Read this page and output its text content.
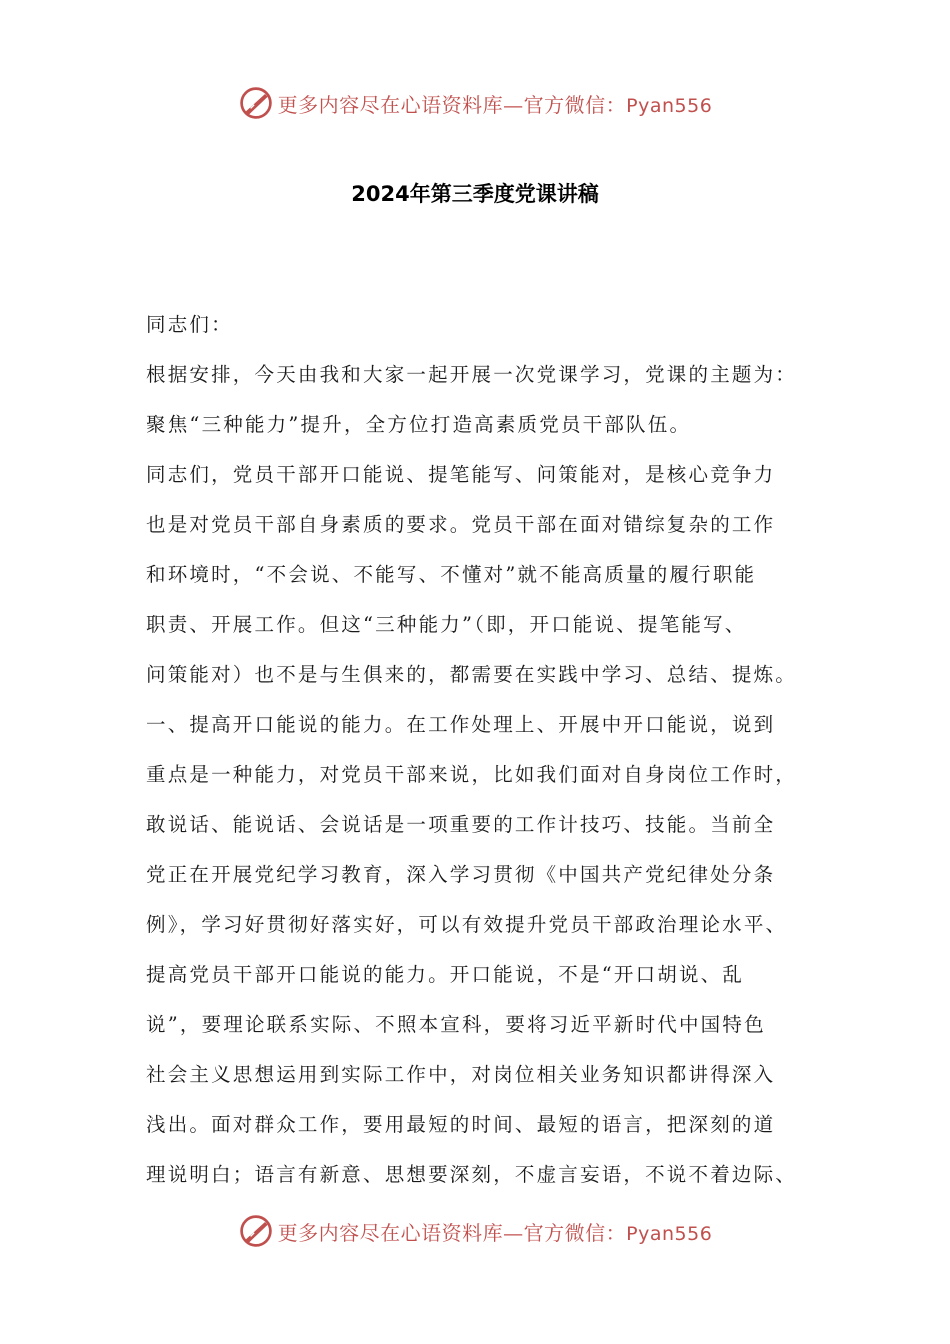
更多内容尽在心语资料库—官方微信：Pyan556
2024年第三季度党课讲稿
同志们：
根据安排，今天由我和大家一起开展一次党课学习，党课的主题为：
聚焦“三种能力”提升，全方位打造高素质党员干部队伍。
同志们，党员干部开口能说、提笔能写、问策能对，是核心竞争力
也是对党员干部自身素质的要求。党员干部在面对错综复杂的工作
和环境时，“不会说、不能写、不懂对”就不能高质量的履行职能
职责、开展工作。但这“三种能力”（即，开口能说、提笔能写、
问策能对）也不是与生俱来的，都需要在实践中学习、总结、提炼。
一、提高开口能说的能力。在工作处理上、开展中开口能说，说到
重点是一种能力，对党员干部来说，比如我们面对自身岗位工作时，
敢说话、能说话、会说话是一项重要的工作计技巧、技能。当前全
党正在开展党纪学习教育，深入学习贯彻《中国共产党纪律处分条
例》，学习好贯彻好落实好，可以有效提升党员干部政治理论水平、
提高党员干部开口能说的能力。开口能说，不是“开口胡说、乱
说”，要理论联系实际、不照本宣科，要将习近平新时代中国特色
社会主义思想运用到实际工作中，对岗位相关业务知识都讲得深入
浅出。面对群众工作，要用最短的时间、最短的语言，把深刻的道
理说明白；语言有新意、思想要深刻，不虚言妄语，不说不着边际、
更多内容尽在心语资料库—官方微信：Pyan556
